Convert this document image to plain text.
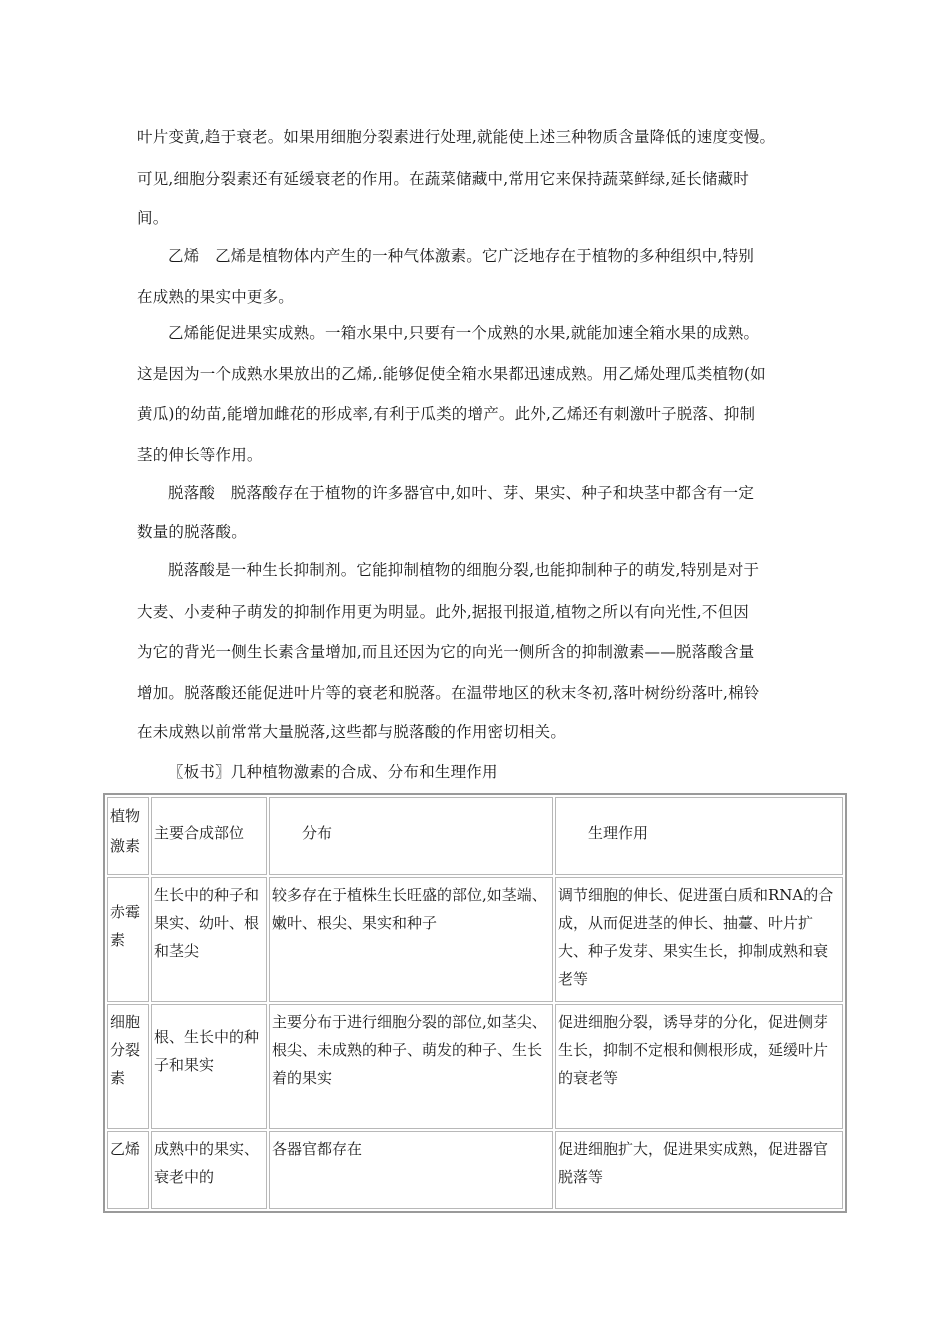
叶片变黄,趋于衰老。如果用细胞分裂素进行处理,就能使上述三种物质含量降低的速度变慢。
可见,细胞分裂素还有延缓衰老的作用。在蔬菜储藏中,常用它来保持蔬菜鲜绿,延长储藏时
间。
乙烯　乙烯是植物体内产生的一种气体激素。它广泛地存在于植物的多种组织中,特别
在成熟的果实中更多。
乙烯能促进果实成熟。一箱水果中,只要有一个成熟的水果,就能加速全箱水果的成熟。
这是因为一个成熟水果放出的乙烯,.能够促使全箱水果都迅速成熟。用乙烯处理瓜类植物(如
黄瓜)的幼苗,能增加雌花的形成率,有利于瓜类的增产。此外,乙烯还有刺激叶子脱落、抑制
茎的伸长等作用。
脱落酸　脱落酸存在于植物的许多器官中,如叶、芽、果实、种子和块茎中都含有一定
数量的脱落酸。
脱落酸是一种生长抑制剂。它能抑制植物的细胞分裂,也能抑制种子的萌发,特别是对于
大麦、小麦种子萌发的抑制作用更为明显。此外,据报刊报道,植物之所以有向光性,不但因
为它的背光一侧生长素含量增加,而且还因为它的向光一侧所含的抑制激素——脱落酸含量
增加。脱落酸还能促进叶片等的衰老和脱落。在温带地区的秋末冬初,落叶树纷纷落叶,棉铃
在未成熟以前常常大量脱落,这些都与脱落酸的作用密切相关。
〖板书〗几种植物激素的合成、分布和生理作用
植物激素	主要合成部位	分布	生理作用
赤霉素	生长中的种子和果实、幼叶、根和茎尖	较多存在于植株生长旺盛的部位,如茎端、嫩叶、根尖、果实和种子	调节细胞的伸长、促进蛋白质和RNA的合成，从而促进茎的伸长、抽薹、叶片扩大、种子发芽、果实生长，抑制成熟和衰老等
细胞分裂素	根、生长中的种子和果实	主要分布于进行细胞分裂的部位,如茎尖、根尖、未成熟的种子、萌发的种子、生长着的果实	促进细胞分裂，诱导芽的分化，促进侧芽生长，抑制不定根和侧根形成，延缓叶片的衰老等
乙烯	成熟中的果实、衰老中的	各器官都存在	促进细胞扩大，促进果实成熟，促进器官脱落等
